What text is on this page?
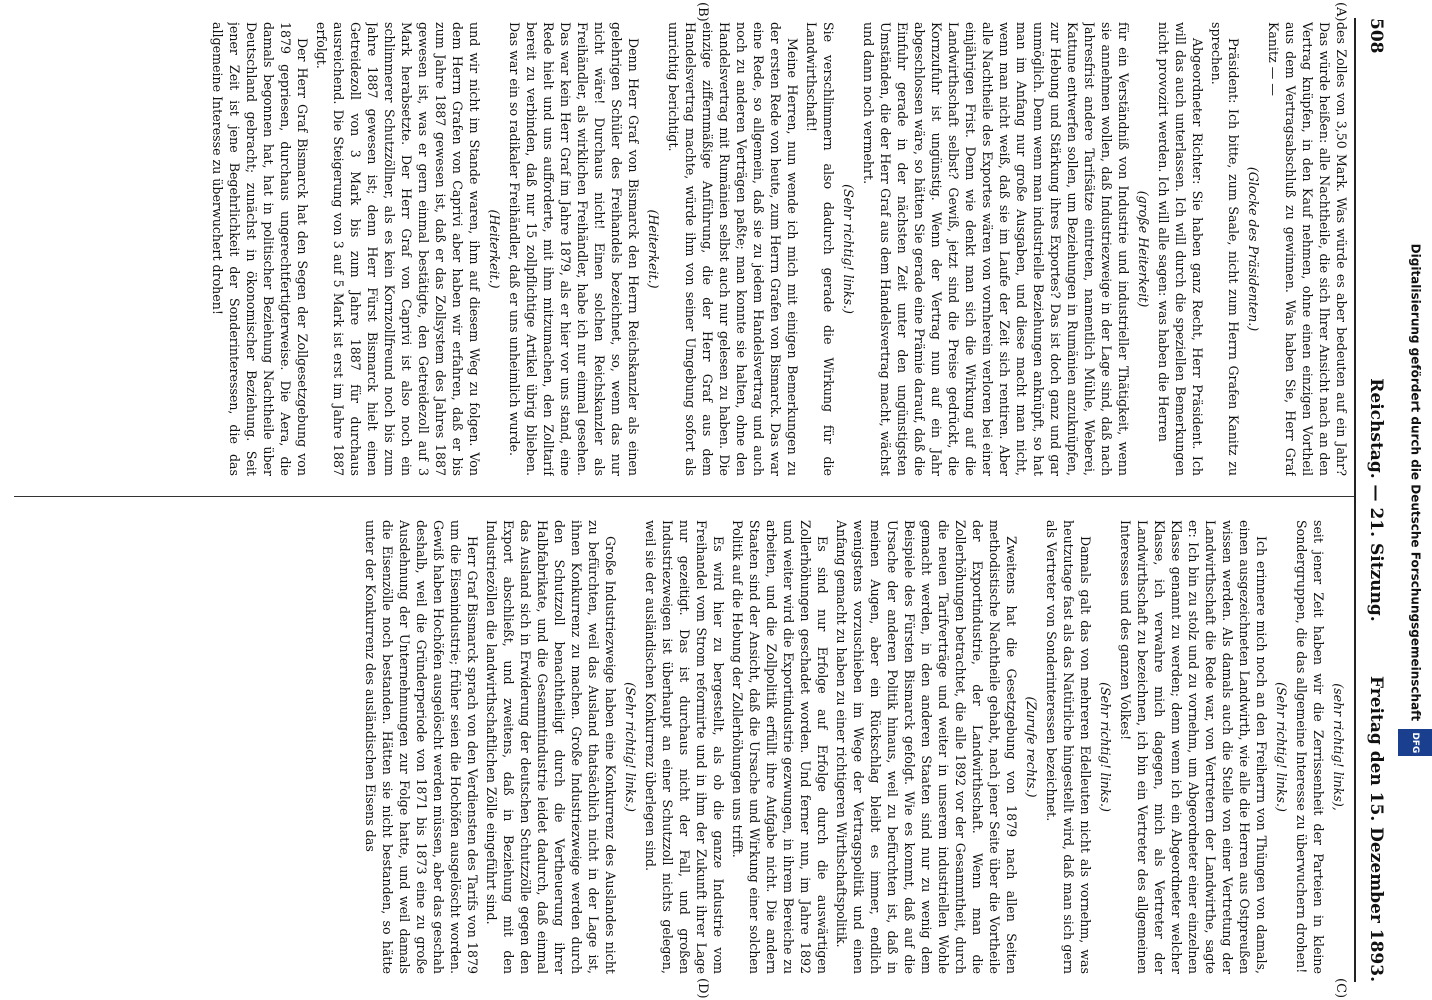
508
Reichstag. — 21. Sitzung.
Freitag den 15. Dezember 1893.
(A)
(B)
(C)
(D)

des Zolles von 3,50 Mark. Was würde es aber bedeuten auf ein Jahr? Das würde heißen: alle Nachtheile, die sich Ihrer Ansicht nach an den Vertrag knüpfen, in den Kauf nehmen, ohne einen einzigen Vortheil aus dem Vertragsabschluß zu gewinnen. Was haben Sie, Herr Graf Kanitz — —

(Glocke des Präsidenten.)

Präsident: Ich bitte, zum Saale, nicht zum Herrn Grafen Kanitz zu sprechen.

Abgeordneter Richter: Sie haben ganz Recht, Herr Präsident. Ich will das auch unterlassen. Ich will durch die speziellen Bemerkungen nicht provozirt werden. Ich will alle sagen: was haben die Herren

(große Heiterkeit)

für ein Verständniß von Industrie und industrieller Thätigkeit, wenn sie annehmen wollen, daß Industriezweige in der Lage sind, daß nach Jahresfrist andere Tarifsätze eintreten, namentlich Mühle, Weberei, Kattune entwerfen sollen, um Beziehungen in Rumänien anzuknüpfen, zur Hebung und Stärkung ihres Exportes? Das ist doch ganz und gar unmöglich. Denn wenn man industrielle Beziehungen anknüpft, so hat man im Anfang nur große Ausgaben, und diese macht man nicht, wenn man nicht weiß, daß sie im Laufe der Zeit sich rentiren. Aber alle Nachtheile des Exportes wären von vornherein verloren bei einer einjährigen Frist. Denn wie denkt man sich die Wirkung auf die Landwirthschaft selbst? Gewiß, jetzt sind die Preise gedrückt, die Kornzufuhr ist ungünstig. Wenn der Vertrag nun auf ein Jahr abgeschlossen wäre, so hätten Sie gerade eine Prämie darauf, daß die Einfuhr gerade in der nächsten Zeit unter den ungünstigsten Umständen, die der Herr Graf aus dem Handelsvertrag macht, wächst und dann noch vermehrt.

(Sehr richtig! links.)

Sie verschlimmern also dadurch gerade die Wirkung für die Landwirthschaft!

Meine Herren, nun wende ich mich mit einigen Bemerkungen zu der ersten Rede von heute, zum Herrn Grafen von Bismarck. Das war eine Rede, so allgemein, daß sie zu jedem Handelsvertrag und auch noch zu anderen Verträgen paßte; man konnte sie halten, ohne den Handelsvertrag mit Rumänien selbst auch nur gelesen zu haben. Die einzige ziffernmäßige Anführung, die der Herr Graf aus dem Handelsvertrag machte, würde ihm von seiner Umgebung sofort als unrichtig berichtigt.

(Heiterkeit.)

Denn Herr Graf von Bismarck den Herrn Reichskanzler als einen gelehrigen Schüler des Freihandels bezeichnet, so, wenn das nur nicht wäre! Durchaus nicht! Einen solchen Reichskanzler als Freihändler, als wirklichen Freihändler, habe ich nur einmal gesehen. Das war kein Herr Graf im Jahre 1879, als er hier vor uns stand, eine Rede hielt und uns aufforderte, mit ihm mitzumachen, den Zolltarif bereit zu verbinden, daß nur 15 zollpflichtige Artikel übrig blieben. Das war ein so radikaler Freihändler, daß er uns unheimlich wurde.

(Heiterkeit.)

und wir nicht im Stande waren, ihm auf diesem Weg zu folgen. Von dem Herrn Grafen von Caprivi aber haben wir erfahren, daß er bis zum Jahre 1887 gewesen ist, daß er das Zollsystem des Jahres 1887 gewesen ist, was er gern einmal bestätigte, den Getreidezoll auf 3 Mark herabsetzte. Der Herr Graf von Caprivi ist also noch ein schlimmerer Schutzzöllner, als es kein Kornzollfreund noch bis zum Jahre 1887 gewesen ist; denn Herr Fürst Bismarck hielt einen Getreidezoll von 3 Mark bis zum Jahre 1887 für durchaus ausreichend. Die Steigerung von 3 auf 5 Mark ist erst im Jahre 1887 erfolgt.

Der Herr Graf Bismarck hat den Segen der Zollgesetzgebung von 1879 gepriesen, durchaus ungerechtfertigterweise. Die Aera, die damals begonnen hat, hat in politischer Beziehung Nachtheile über Deutschland gebracht; zunächst in ökonomischer Beziehung. Seit jener Zeit ist jene Begehrlichkeit der Sonderinteressen, die das allgemeine Interesse zu überwuchert drohen!

(sehr richtig! links),

seit jener Zeit haben wir die Zerrissenheit der Parteien in kleine Sondergruppen, die das allgemeine Interesse zu überwuchern drohen!

(Sehr richtig! links.)

Ich erinnere mich noch an den Freiherrn von Thüngen von damals, einen ausgezeichneten Landwirth, wie alle die Herren aus Ostpreußen wissen werden. Als damals auch die Stelle von einer Vertretung der Landwirthschaft die Rede war, von Vertretern der Landwirthe, sagte er: Ich bin zu stolz und zu vornehm, um Abgeordneter einer einzelnen Klasse genannt zu werden; denn wenn ich ein Abgeordneter welcher Klasse, ich verwahre mich dagegen, mich als Vertreter der Landwirthschaft zu bezeichnen, ich bin ein Vertreter des allgemeinen Interesses und des ganzen Volkes!

(Sehr richtig! links.)

Damals galt das von mehreren Edelleuten nicht als vornehm, was heutzutage fast als das Natürliche hingestellt wird, daß man sich gern als Vertreter von Sonderinteressen bezeichnet.

(Zurufe rechts.)

Zweitens hat die Gesetzgebung von 1879 nach allen Seiten methodistische Nachtheile gehabt, nach jener Seite über die Vortheile der Exportindustrie, der Landwirthschaft. Wenn man die Zollerhöhungen betrachtet, die alle 1892 vor der Gesammtheit, durch die neuen Tarifverträge und weiter in unserem industriellen Wohle gemacht werden, in den anderen Staaten sind nur zu wenig dem Beispiele des Fürsten Bismarck gefolgt. Wie es kommt, daß auf die Ursache der anderen Politik hinaus, weil zu befürchten ist, daß in meinen Augen, aber ein Rückschlag bleibt es immer, endlich wenigstens vorzuschieben im Wege der Vertragspolitik und einen Anfang gemacht zu haben zu einer richtigeren Wirthschaftspolitik.

Es sind nur Erfolge auf Erfolge durch die auswärtigen Zollerhöhungen geschadet worden. Und ferner nun, im Jahre 1892 und weiter wird die Exportindustrie gezwungen, in ihrem Bereiche zu arbeiten, und die Zollpolitik erfüllt ihre Aufgabe nicht. Die andern Staaten sind der Ansicht, daß die Ursache und Wirkung einer solchen Politik auf die Hebung der Zollerhöhungen uns trifft.

Es wird hier zu bergestellt, als ob die ganze Industrie vom Freihandel vom Strom reformirte und in ihm der Zukunft ihrer Lage nur gezeitigt. Das ist durchaus nicht der Fall, und großen Industriezweigen ist überhaupt an einer Schutzzoll nichts gelegen, weil sie der ausländischen Konkurrenz überlegen sind.

(Sehr richtig! links.)

Große Industriezweige haben eine Konkurrenz des Auslandes nicht zu befürchten, weil das Ausland thatsächlich nicht in der Lage ist, ihnen Konkurrenz zu machen. Große Industriezweige werden durch den Schutzzoll benachtheiligt durch die Vertheuerung ihrer Halbfabrikate, und die Gesammtindustrie leidet dadurch, daß einmal das Ausland sich in Erwiderung der deutschen Schutzzölle gegen den Export abschließt, und zweitens, daß in Beziehung mit den Industriezöllen die landwirthschaftlichen Zölle eingeführt sind.

Herr Graf Bismarck sprach von den Verdiensten des Tarifs von 1879 um die Eisenindustrie; früher seien die Hochöfen ausgelöscht worden. Gewiß haben Hochöfen ausgelöscht werden müssen, aber das geschah deshalb, weil die Gründerperiode von 1871 bis 1873 eine zu große Ausdehnung der Unternehmungen zur Folge hatte, und weil damals die Eisenzölle noch bestanden. Hätten sie nicht bestanden, so hätte unter der Konkurrenz des ausländischen Eisens das	Digitalisierung gefördert durch die Deutsche Forschungsgemeinschaft DFG
